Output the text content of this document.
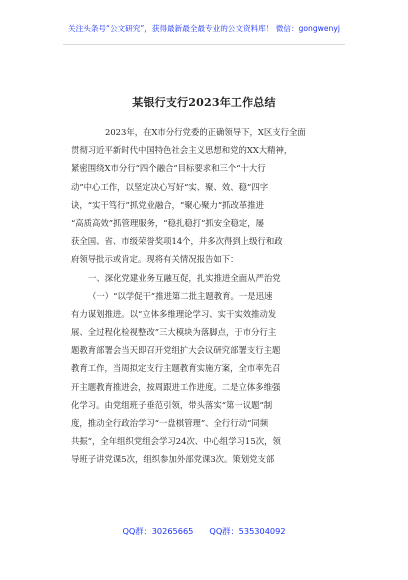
关注头条号“公文研究”，获得最新最全最专业的公文资料库！ 微信：gongwenyj
某银行支行2023年工作总结
2023年，在X市分行党委的正确领导下，X区支行全面
贯彻习近平新时代中国特色社会主义思想和党的XX大精神，
紧密围绕X市分行“四个融合”目标要求和三个“十大行
动”中心工作，以坚定决心写好“实、聚、效、稳”四字
诀，“实干笃行”抓党业融合，“聚心聚力”抓改革推进
“高质高效”抓管理服务，“稳扎稳打”抓安全稳定，屡
获全国、省、市级荣誉奖项14个，并多次得到上级行和政
府领导批示或肯定。现将有关情况报告如下：
一、深化党建业务互融互促，扎实推进全面从严治党
（一）“以学促干”推进第二批主题教育。一是迅速
有力谋划推进。以“立体多维理论学习、实干实效推动发
展、全过程化检视整改”三大模块为落脚点，于市分行主
题教育部署会当天即召开党组扩大会议研究部署支行主题
教育工作，当周拟定支行主题教育实施方案，全市率先召
开主题教育推进会，按周跟进工作进度。二是立体多维强
化学习。由党组班子垂范引领，带头落实“第一议题”制
度，推动全行政治学习“一盘棋管理”、全行行动“同频
共振”，全年组织党组会学习24次、中心组学习15次，领
导班子讲党课5次，组织参加外部党课3次。策划党支部
QQ群：30265665 QQ群：535304092
